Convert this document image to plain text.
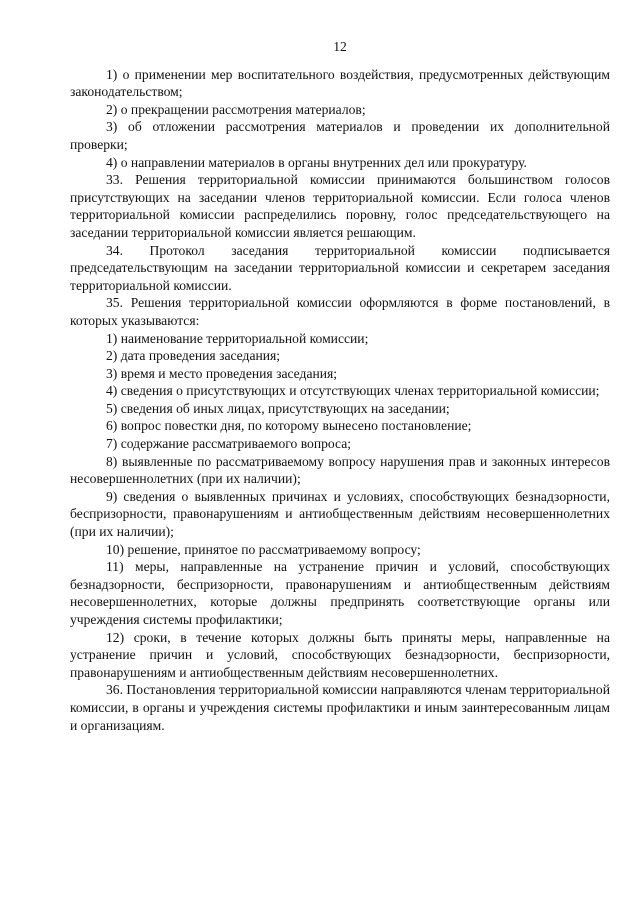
12

1) о применении мер воспитательного воздействия, предусмотренных действующим законодательством;

2) о прекращении рассмотрения материалов;

3) об отложении рассмотрения материалов и проведении их дополнительной проверки;

4) о направлении материалов в органы внутренних дел или прокуратуру.

33. Решения территориальной комиссии принимаются большинством голосов присутствующих на заседании членов территориальной комиссии. Если голоса членов территориальной комиссии распределились поровну, голос председательствующего на заседании территориальной комиссии является решающим.

34. Протокол заседания территориальной комиссии подписывается председательствующим на заседании территориальной комиссии и секретарем заседания территориальной комиссии.

35. Решения территориальной комиссии оформляются в форме постановлений, в которых указываются:

1) наименование территориальной комиссии;

2) дата проведения заседания;

3) время и место проведения заседания;

4) сведения о присутствующих и отсутствующих членах территориальной комиссии;

5) сведения об иных лицах, присутствующих на заседании;

6) вопрос повестки дня, по которому вынесено постановление;

7) содержание рассматриваемого вопроса;

8) выявленные по рассматриваемому вопросу нарушения прав и законных интересов несовершеннолетних (при их наличии);

9) сведения о выявленных причинах и условиях, способствующих безнадзорности, беспризорности, правонарушениям и антиобщественным действиям несовершеннолетних (при их наличии);

10) решение, принятое по рассматриваемому вопросу;

11) меры, направленные на устранение причин и условий, способствующих безнадзорности, беспризорности, правонарушениям и антиобщественным действиям несовершеннолетних, которые должны предпринять соответствующие органы или учреждения системы профилактики;

12) сроки, в течение которых должны быть приняты меры, направленные на устранение причин и условий, способствующих безнадзорности, беспризорности, правонарушениям и антиобщественным действиям несовершеннолетних.

36. Постановления территориальной комиссии направляются членам территориальной комиссии, в органы и учреждения системы профилактики и иным заинтересованным лицам и организациям.
